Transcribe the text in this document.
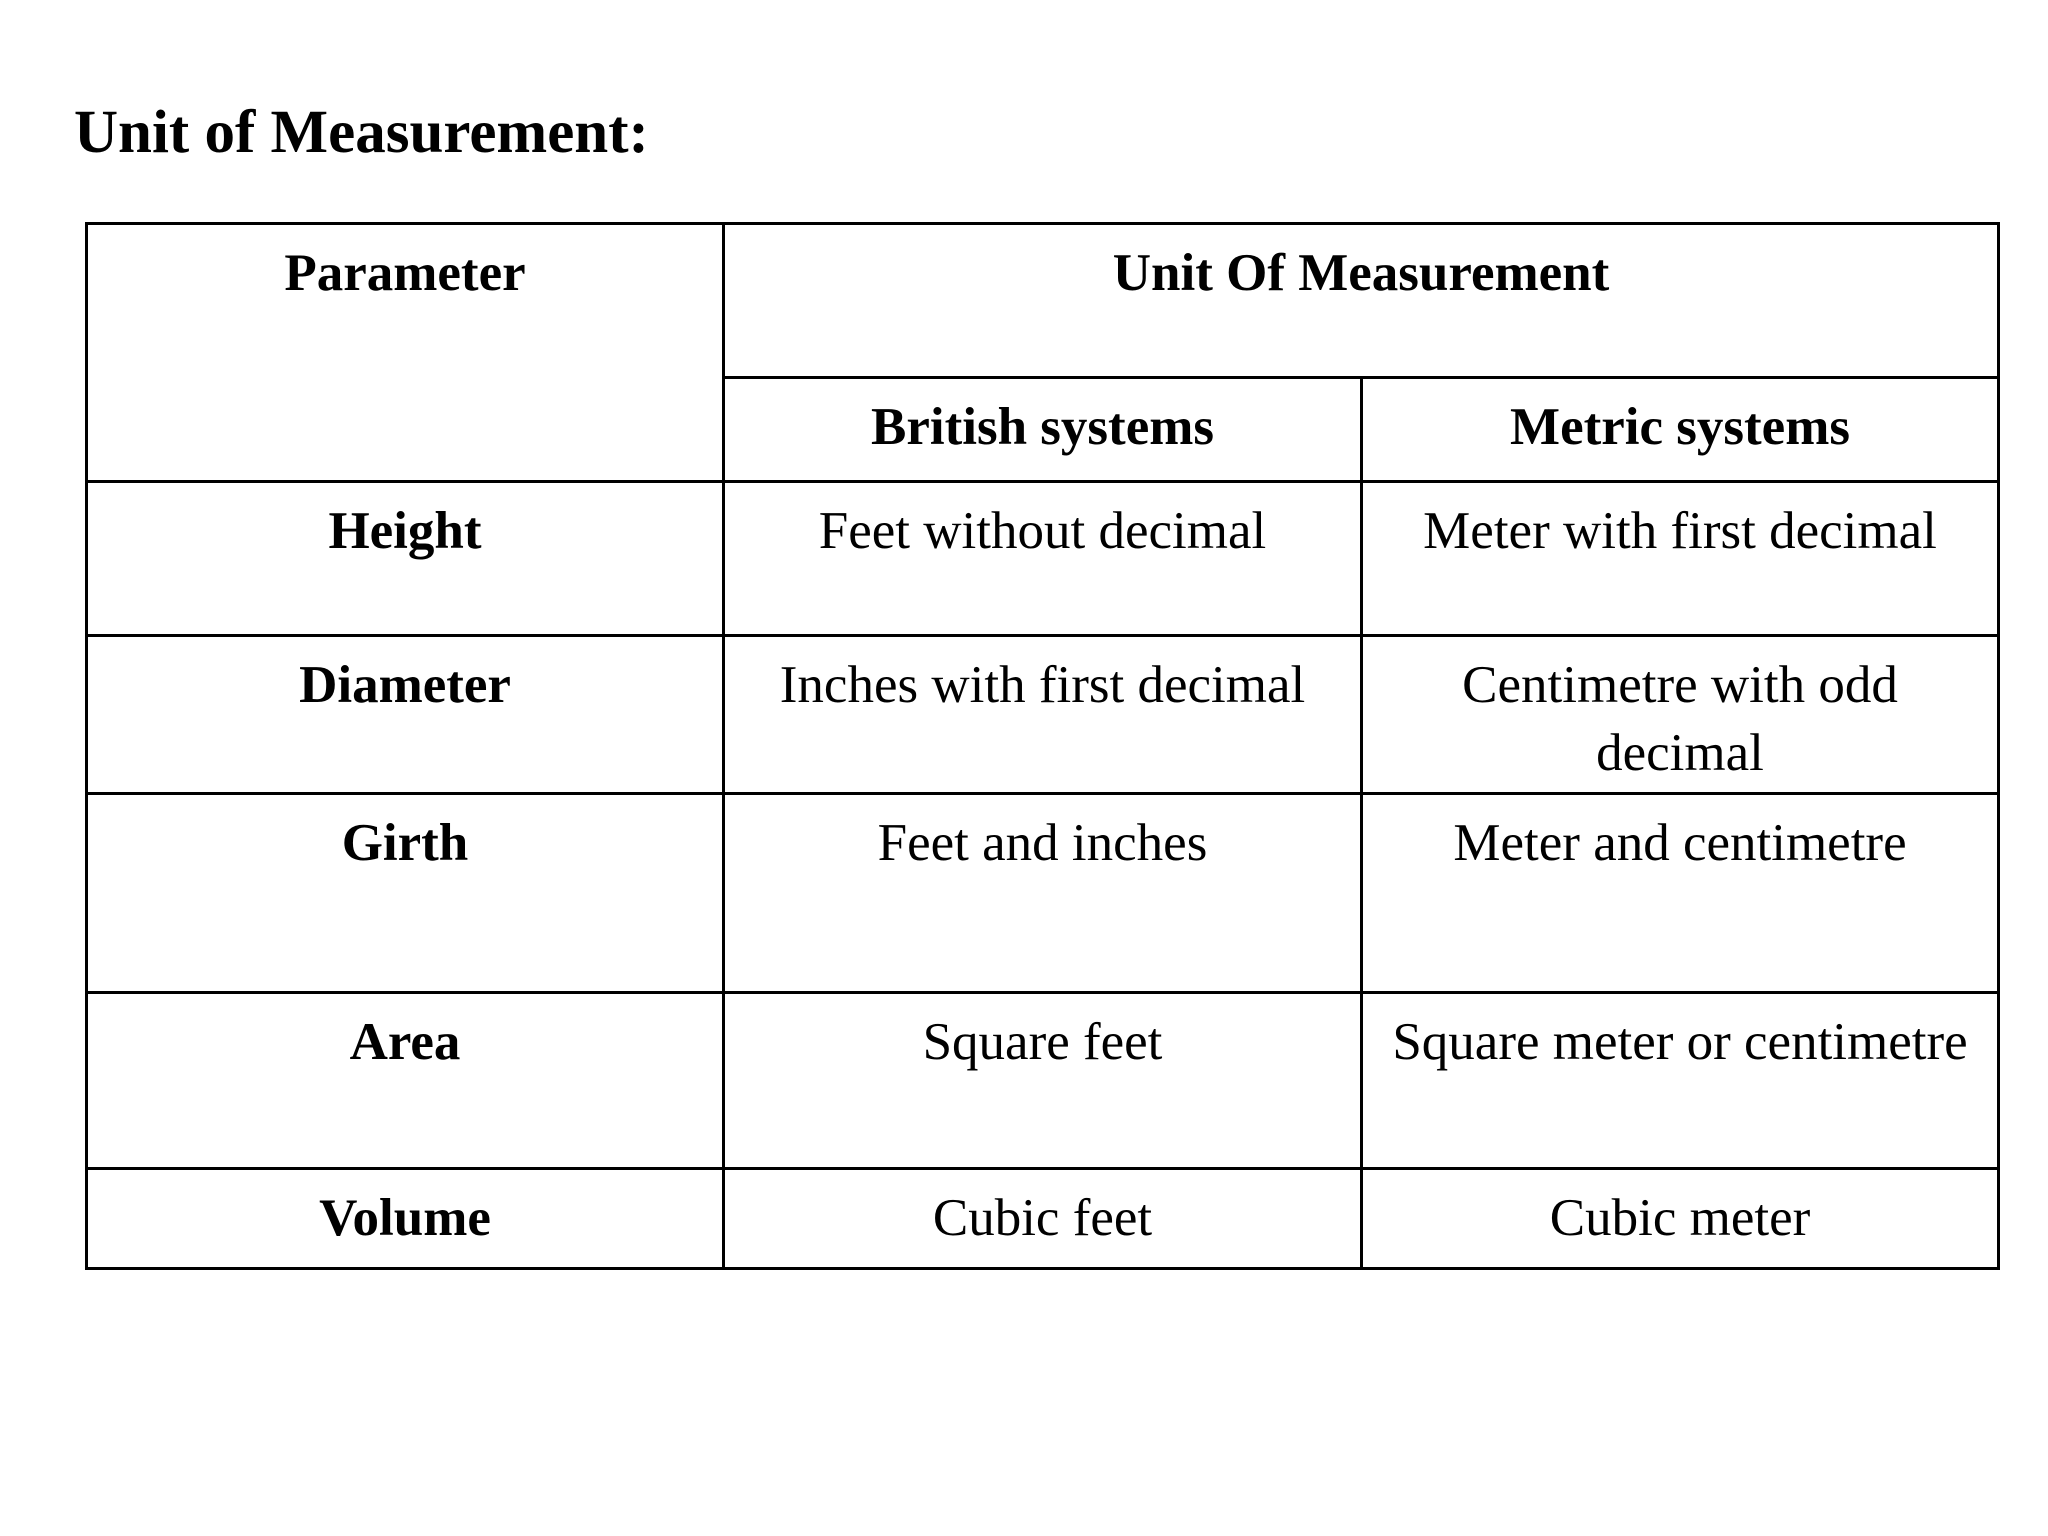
Unit of Measurement:
Parameter	Unit Of Measurement	
	British systems	Metric systems
Height	Feet without decimal	Meter with first decimal
Diameter	Inches with first decimal	Centimetre with odd decimal
Girth	Feet and inches	Meter and centimetre
Area	Square feet	Square meter or centimetre
Volume	Cubic feet	Cubic meter
